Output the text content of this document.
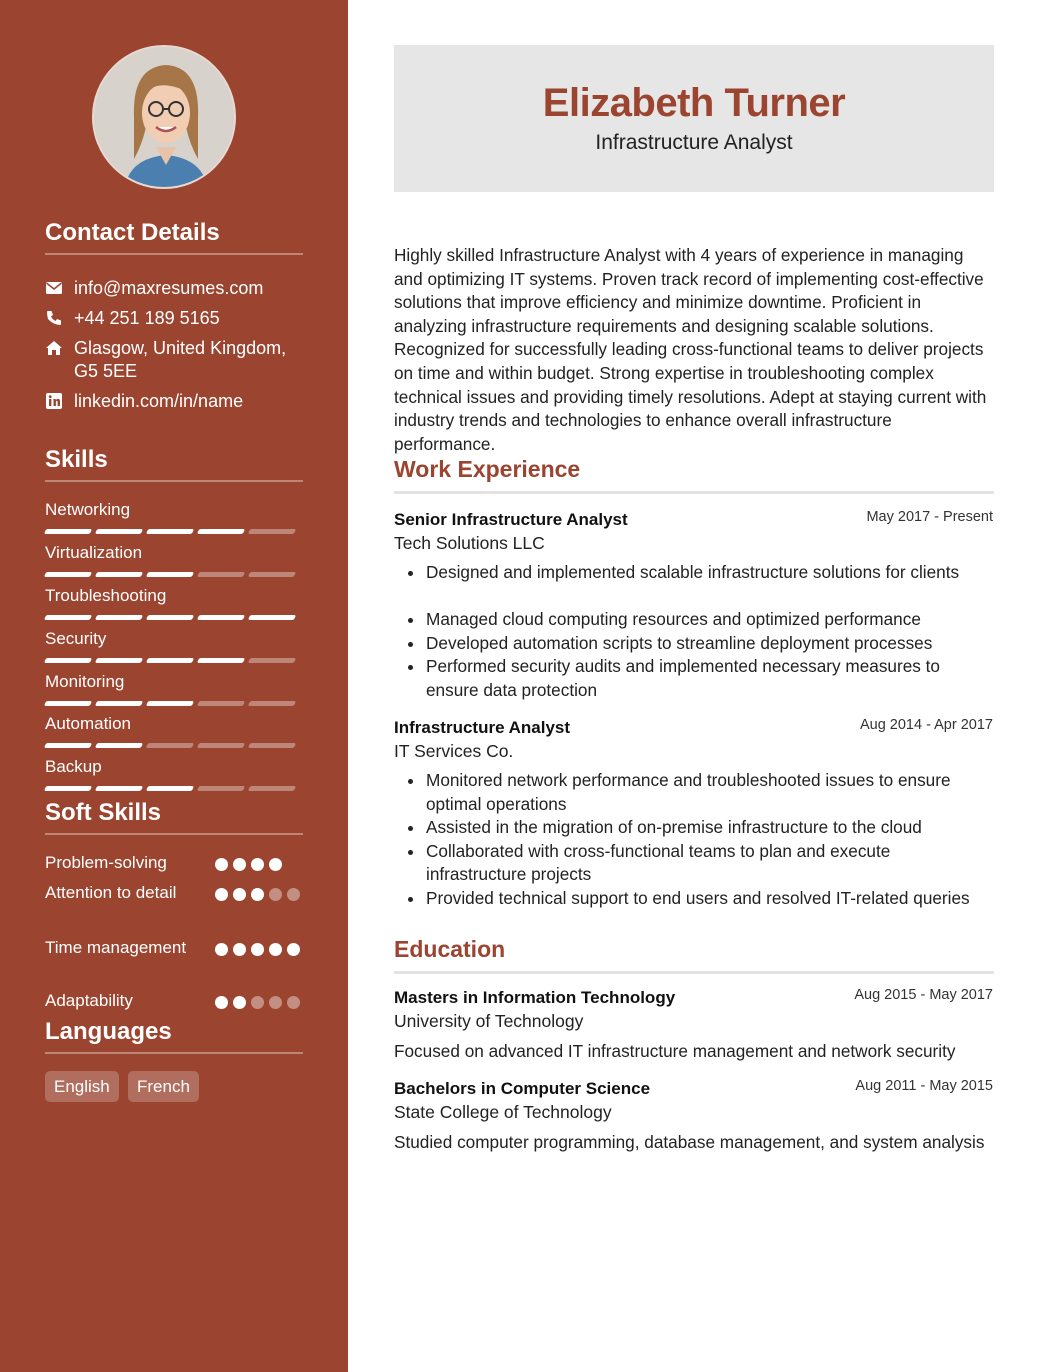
Contact Details
info@maxresumes.com
+44 251 189 5165
Glasgow, United Kingdom, G5 5EE
linkedin.com/in/name
Skills
Networking
Virtualization
Troubleshooting
Security
Monitoring
Automation
Backup
Soft Skills
Problem-solving
Attention to detail
Time management
Adaptability
Languages
English	French
Elizabeth Turner
Infrastructure Analyst
Highly skilled Infrastructure Analyst with 4 years of experience in managing and optimizing IT systems. Proven track record of implementing cost-effective solutions that improve efficiency and minimize downtime. Proficient in analyzing infrastructure requirements and designing scalable solutions. Recognized for successfully leading cross-functional teams to deliver projects on time and within budget. Strong expertise in troubleshooting complex technical issues and providing timely resolutions. Adept at staying current with industry trends and technologies to enhance overall infrastructure performance.
Work Experience
Senior Infrastructure Analyst	May 2017 - Present
Tech Solutions LLC
Designed and implemented scalable infrastructure solutions for clients
Managed cloud computing resources and optimized performance
Developed automation scripts to streamline deployment processes
Performed security audits and implemented necessary measures to ensure data protection
Infrastructure Analyst	Aug 2014 - Apr 2017
IT Services Co.
Monitored network performance and troubleshooted issues to ensure optimal operations
Assisted in the migration of on-premise infrastructure to the cloud
Collaborated with cross-functional teams to plan and execute infrastructure projects
Provided technical support to end users and resolved IT-related queries
Education
Masters in Information Technology	Aug 2015 - May 2017
University of Technology
Focused on advanced IT infrastructure management and network security
Bachelors in Computer Science	Aug 2011 - May 2015
State College of Technology
Studied computer programming, database management, and system analysis
